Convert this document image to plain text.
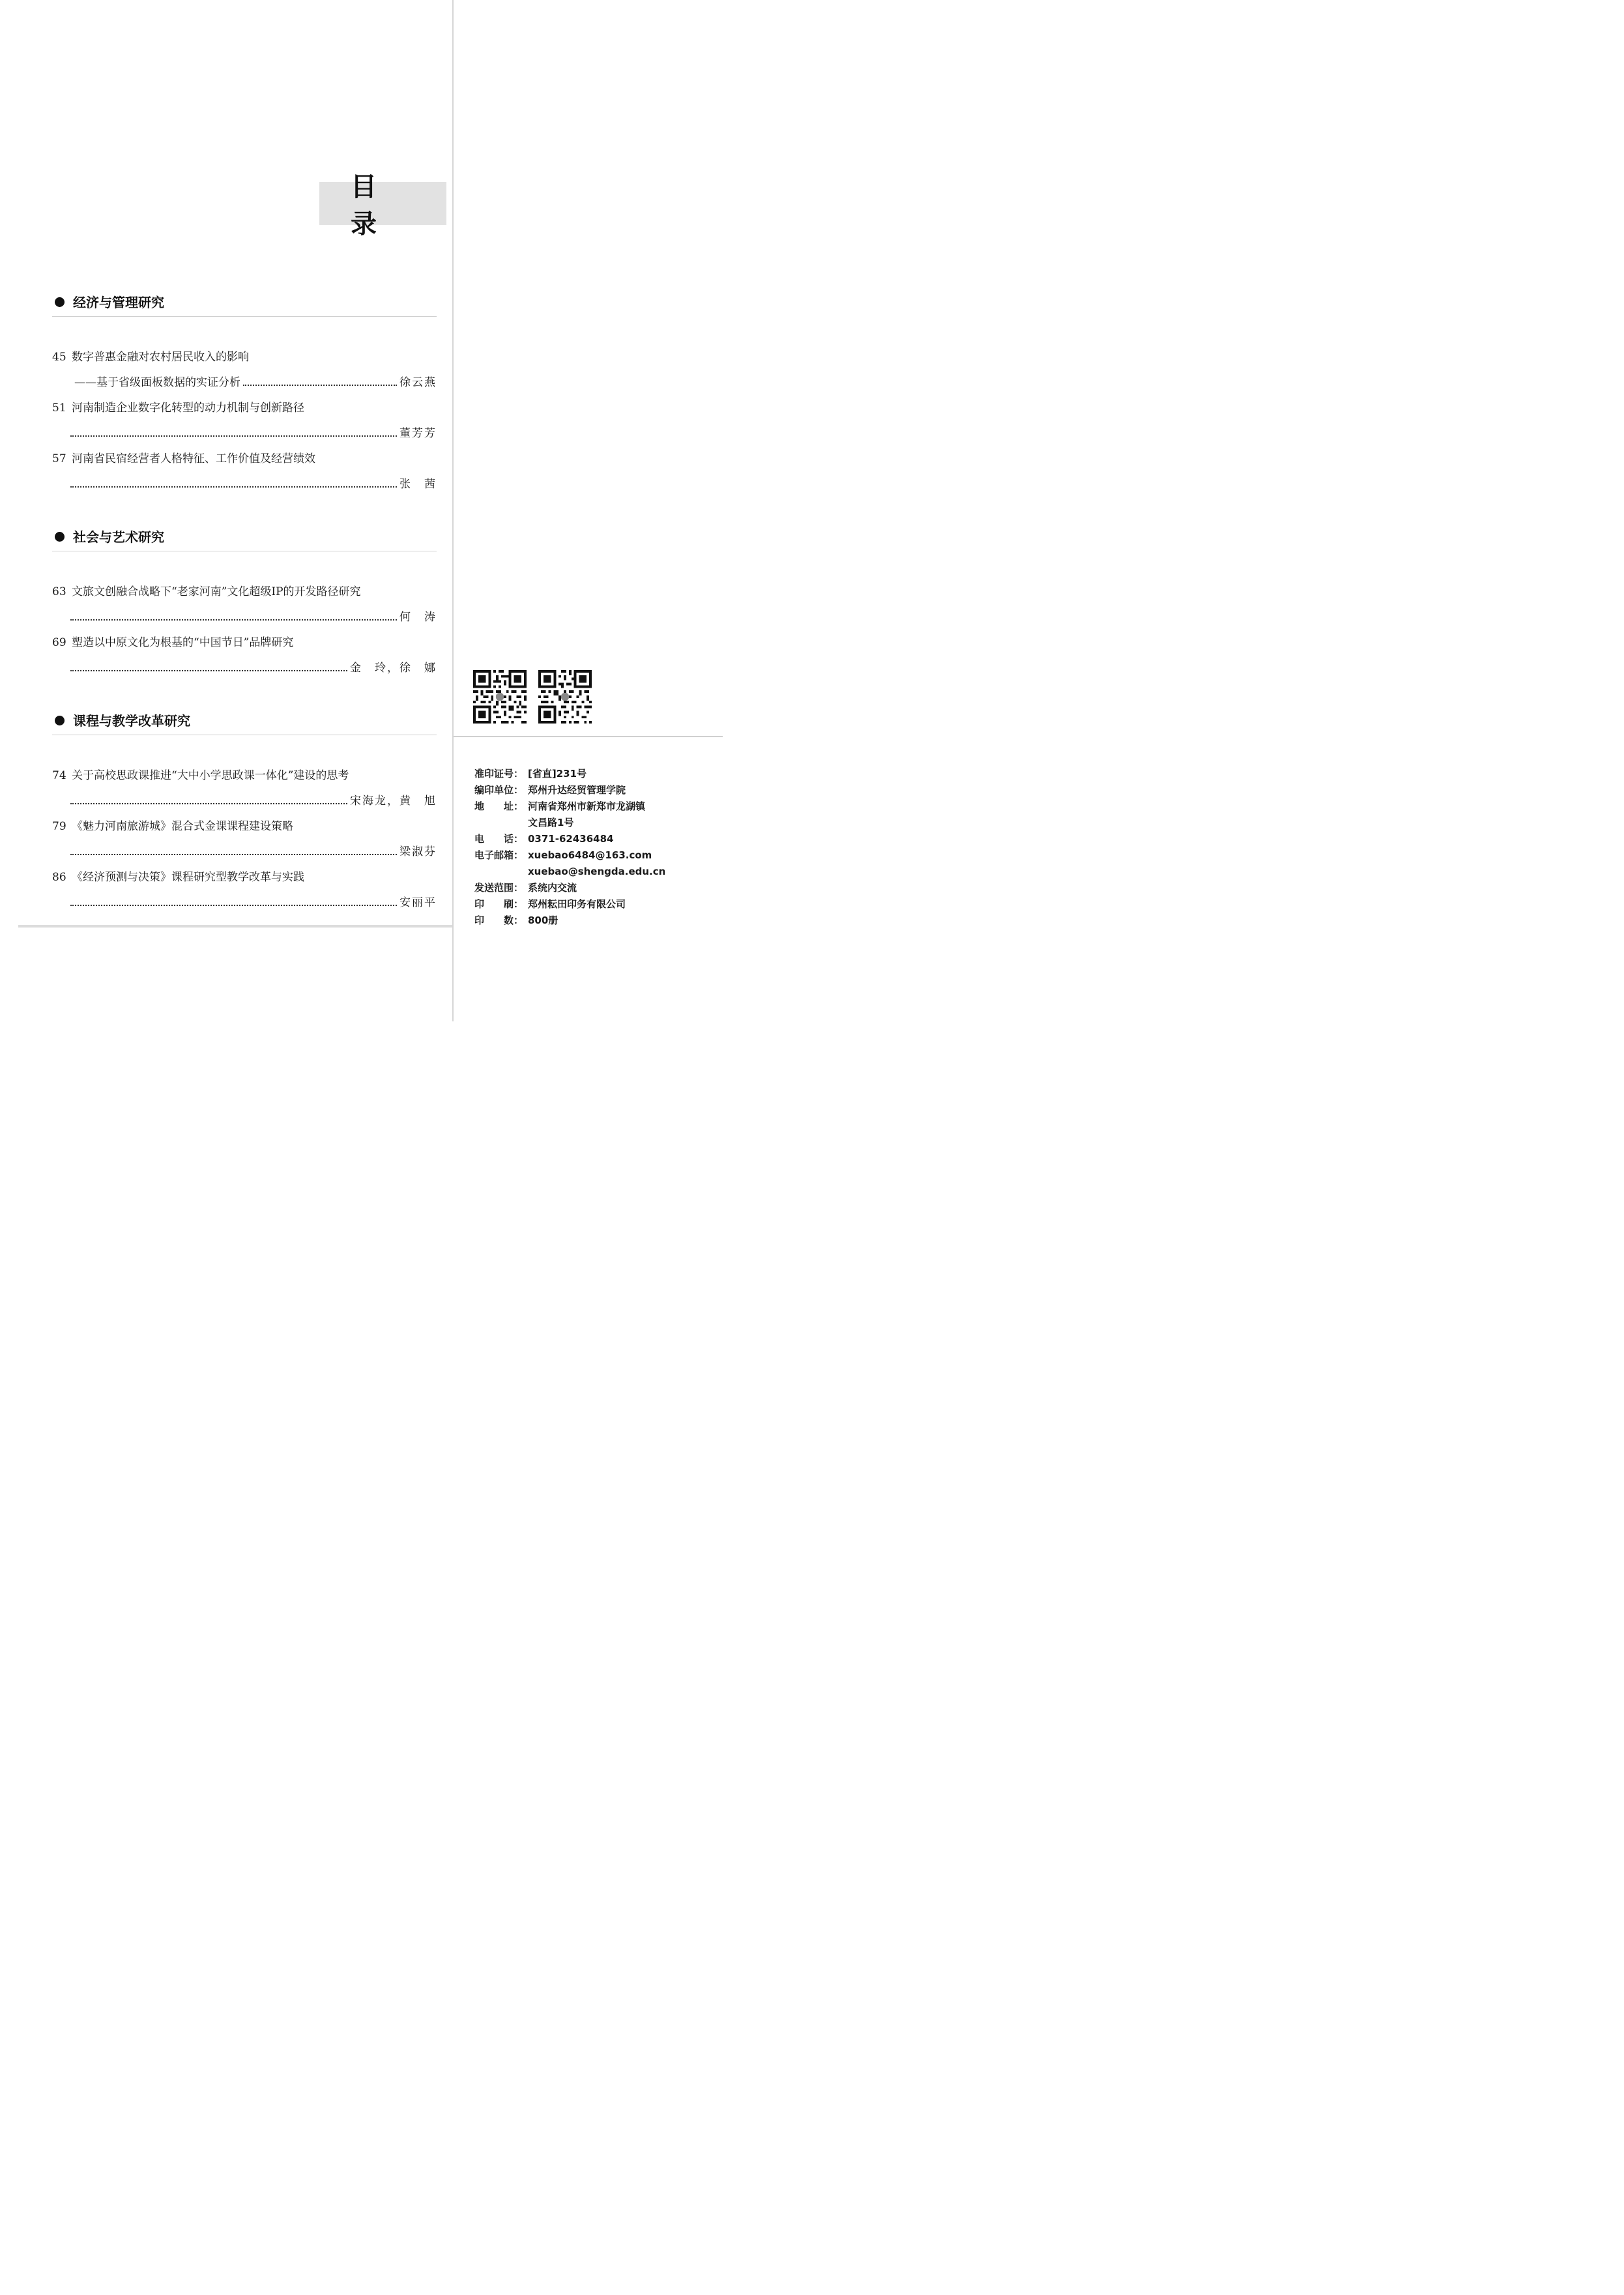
目 录
经济与管理研究
45 数字普惠金融对农村居民收入的影响
——基于省级面板数据的实证分析	徐云燕
51 河南制造企业数字化转型的动力机制与创新路径
董芳芳
57 河南省民宿经营者人格特征、工作价值及经营绩效
张　茜
社会与艺术研究
63 文旅文创融合战略下“老家河南”文化超级IP的开发路径研究
何　涛
69 塑造以中原文化为根基的“中国节日”品牌研究
金　玲，徐　娜
课程与教学改革研究
74 关于高校思政课推进“大中小学思政课一体化”建设的思考
宋海龙，黄　旭
79 《魅力河南旅游城》混合式金课课程建设策略
梁淑芬
86 《经济预测与决策》课程研究型教学改革与实践
安丽平
准印证号： [省直]231号
编印单位： 郑州升达经贸管理学院
地　　址： 河南省郑州市新郑市龙湖镇
文昌路1号
电　　话： 0371-62436484
电子邮箱： xuebao6484@163.com
xuebao@shengda.edu.cn
发送范围： 系统内交流
印　　刷： 郑州耘田印务有限公司
印　　数： 800册
